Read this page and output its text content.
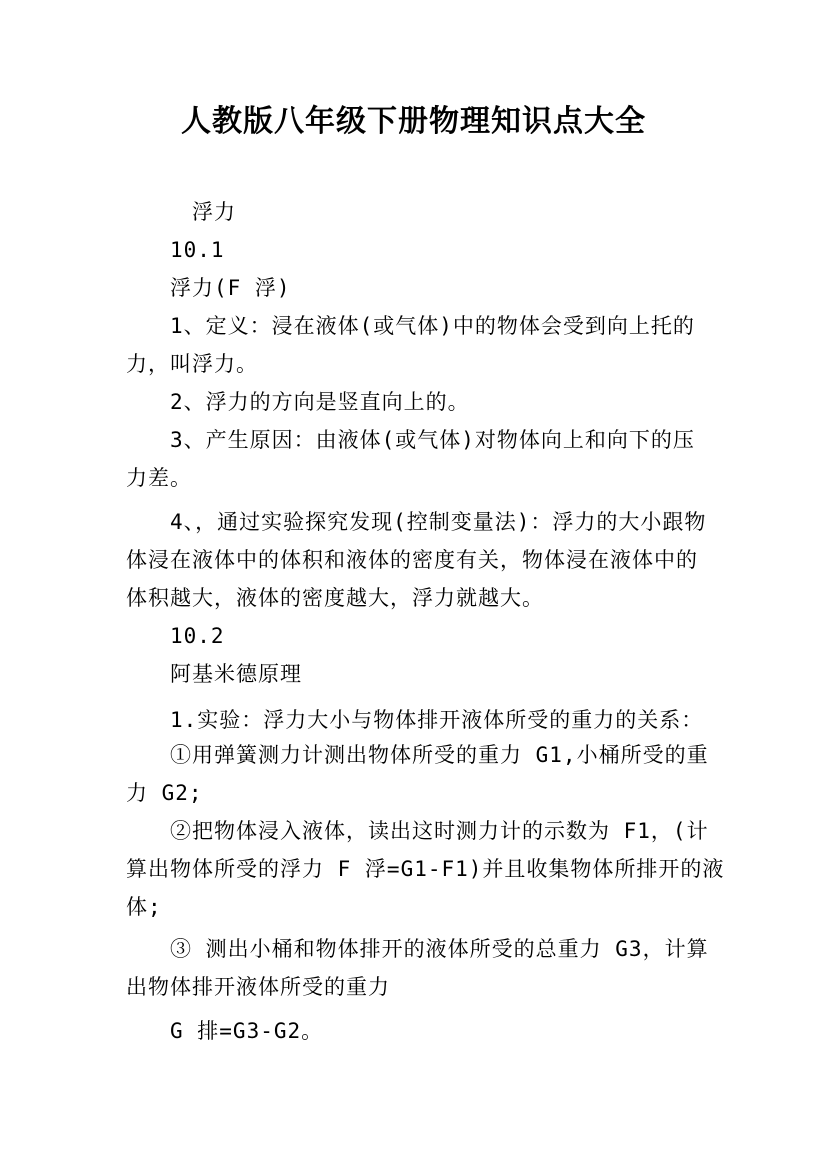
人教版八年级下册物理知识点大全
浮力
10.1
浮力(F 浮)
1、定义：浸在液体(或气体)中的物体会受到向上托的
力，叫浮力。
2、浮力的方向是竖直向上的。
3、产生原因：由液体(或气体)对物体向上和向下的压
力差。
4、，通过实验探究发现(控制变量法)：浮力的大小跟物
体浸在液体中的体积和液体的密度有关，物体浸在液体中的
体积越大，液体的密度越大，浮力就越大。
10.2
阿基米德原理
1.实验：浮力大小与物体排开液体所受的重力的关系：
①用弹簧测力计测出物体所受的重力 G1,小桶所受的重
力 G2;
②把物体浸入液体，读出这时测力计的示数为 F1，(计
算出物体所受的浮力 F 浮=G1-F1)并且收集物体所排开的液
体;
③ 测出小桶和物体排开的液体所受的总重力 G3，计算
出物体排开液体所受的重力
G 排=G3-G2。
